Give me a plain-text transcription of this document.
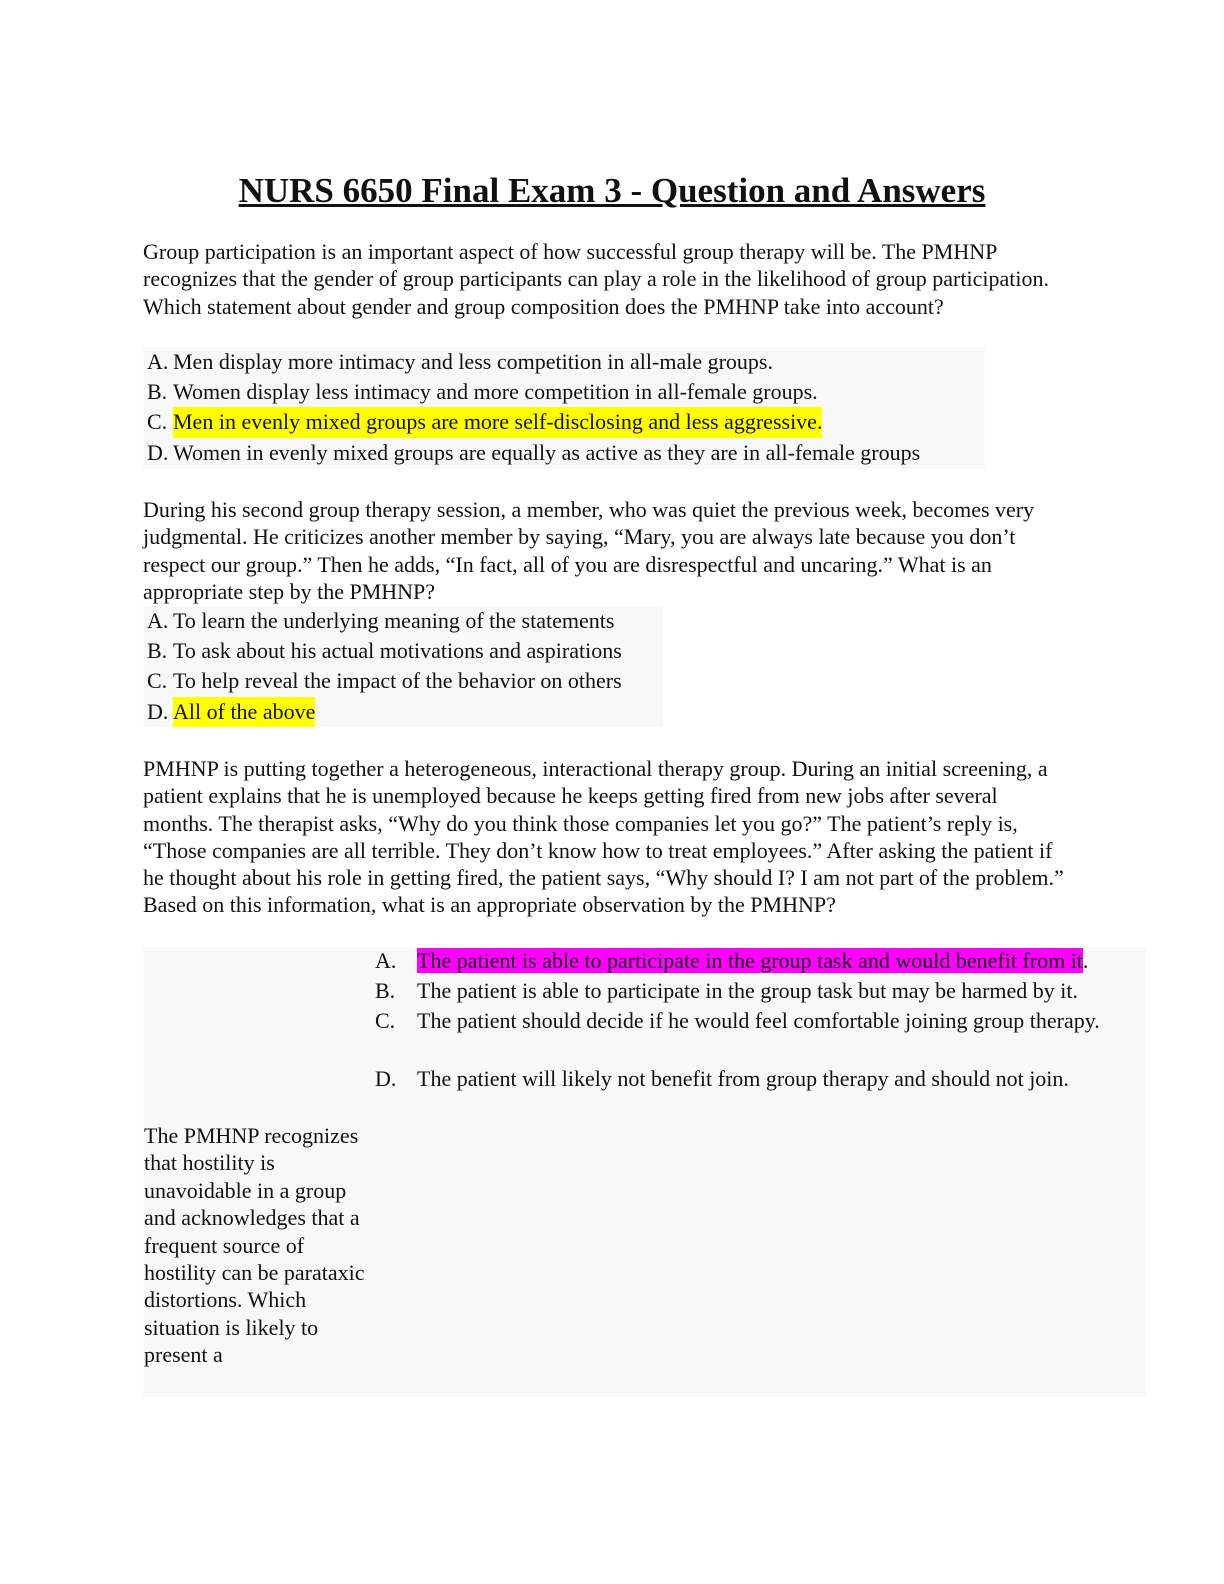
NURS 6650 Final Exam 3 - Question and Answers

Group participation is an important aspect of how successful group therapy will be. The PMHNP recognizes that the gender of group participants can play a role in the likelihood of group participation. Which statement about gender and group composition does the PMHNP take into account?

A. Men display more intimacy and less competition in all-male groups.
B. Women display less intimacy and more competition in all-female groups.
C. Men in evenly mixed groups are more self-disclosing and less aggressive.
D. Women in evenly mixed groups are equally as active as they are in all-female groups

During his second group therapy session, a member, who was quiet the previous week, becomes very judgmental. He criticizes another member by saying, “Mary, you are always late because you don’t respect our group.” Then he adds, “In fact, all of you are disrespectful and uncaring.” What is an appropriate step by the PMHNP?

A. To learn the underlying meaning of the statements
B. To ask about his actual motivations and aspirations
C. To help reveal the impact of the behavior on others
D. All of the above

PMHNP is putting together a heterogeneous, interactional therapy group. During an initial screening, a patient explains that he is unemployed because he keeps getting fired from new jobs after several months. The therapist asks, “Why do you think those companies let you go?” The patient’s reply is, “Those companies are all terrible. They don’t know how to treat employees.” After asking the patient if he thought about his role in getting fired, the patient says, “Why should I? I am not part of the problem.” Based on this information, what is an appropriate observation by the PMHNP?

A. The patient is able to participate in the group task and would benefit from it.
B. The patient is able to participate in the group task but may be harmed by it.
C. The patient should decide if he would feel comfortable joining group therapy.
D. The patient will likely not benefit from group therapy and should not join.

The PMHNP recognizes that hostility is unavoidable in a group and acknowledges that a frequent source of hostility can be parataxic distortions. Which situation is likely to present a
